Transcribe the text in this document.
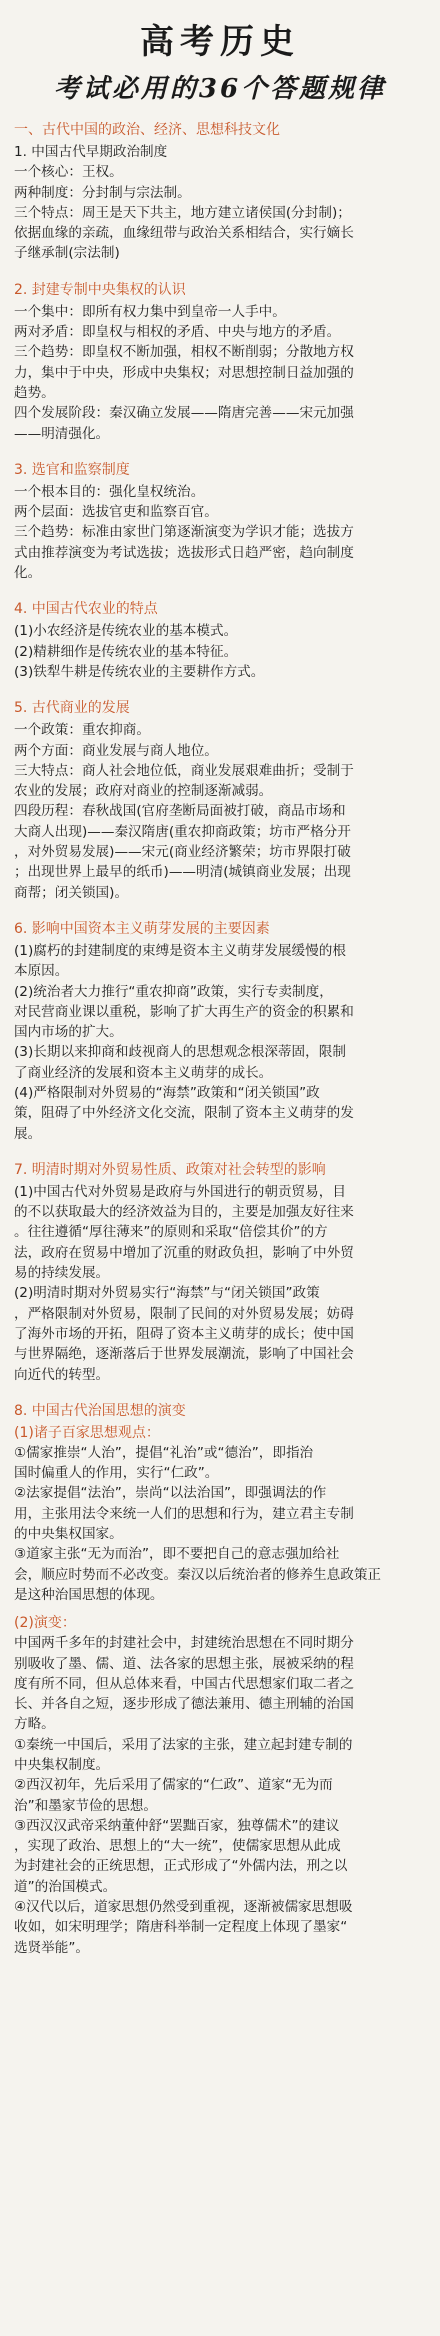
高考历史
考试必用的36个答题规律
一、古代中国的政治、经济、思想科技文化
1. 中国古代早期政治制度
一个核心：王权。
两种制度：分封制与宗法制。
三个特点：周王是天下共主，地方建立诸侯国(分封制)；
依据血缘的亲疏，血缘纽带与政治关系相结合，实行嫡长
子继承制(宗法制)
2. 封建专制中央集权的认识
一个集中：即所有权力集中到皇帝一人手中。
两对矛盾：即皇权与相权的矛盾、中央与地方的矛盾。
三个趋势：即皇权不断加强，相权不断削弱；分散地方权
力，集中于中央，形成中央集权；对思想控制日益加强的
趋势。
四个发展阶段：秦汉确立发展——隋唐完善——宋元加强
——明清强化。
3. 选官和监察制度
一个根本目的：强化皇权统治。
两个层面：选拔官吏和监察百官。
三个趋势：标准由家世门第逐渐演变为学识才能；选拔方
式由推荐演变为考试选拔；选拔形式日趋严密，趋向制度
化。
4. 中国古代农业的特点
(1)小农经济是传统农业的基本模式。
(2)精耕细作是传统农业的基本特征。
(3)铁犁牛耕是传统农业的主要耕作方式。
5. 古代商业的发展
一个政策：重农抑商。
两个方面：商业发展与商人地位。
三大特点：商人社会地位低，商业发展艰难曲折；受制于
农业的发展；政府对商业的控制逐渐减弱。
四段历程：春秋战国(官府垄断局面被打破，商品市场和
大商人出现)——秦汉隋唐(重农抑商政策；坊市严格分开
，对外贸易发展)——宋元(商业经济繁荣；坊市界限打破
；出现世界上最早的纸币)——明清(城镇商业发展；出现
商帮；闭关锁国)。
6. 影响中国资本主义萌芽发展的主要因素
(1)腐朽的封建制度的束缚是资本主义萌芽发展缓慢的根
本原因。
(2)统治者大力推行“重农抑商”政策，实行专卖制度，
对民营商业课以重税，影响了扩大再生产的资金的积累和
国内市场的扩大。
(3)长期以来抑商和歧视商人的思想观念根深蒂固，限制
了商业经济的发展和资本主义萌芽的成长。
(4)严格限制对外贸易的“海禁”政策和“闭关锁国”政
策，阻碍了中外经济文化交流，限制了资本主义萌芽的发
展。
7. 明清时期对外贸易性质、政策对社会转型的影响
(1)中国古代对外贸易是政府与外国进行的朝贡贸易，目
的不以获取最大的经济效益为目的，主要是加强友好往来
。往往遵循“厚往薄来”的原则和采取“倍偿其价”的方
法，政府在贸易中增加了沉重的财政负担，影响了中外贸
易的持续发展。
(2)明清时期对外贸易实行“海禁”与“闭关锁国”政策
，严格限制对外贸易，限制了民间的对外贸易发展；妨碍
了海外市场的开拓，阻碍了资本主义萌芽的成长；使中国
与世界隔绝，逐渐落后于世界发展潮流，影响了中国社会
向近代的转型。
8. 中国古代治国思想的演变
(1)诸子百家思想观点：
①儒家推崇“人治”，提倡“礼治”或“德治”，即指治
国时偏重人的作用，实行“仁政”。
②法家提倡“法治”，崇尚“以法治国”，即强调法的作
用，主张用法令来统一人们的思想和行为，建立君主专制
的中央集权国家。
③道家主张“无为而治”，即不要把自己的意志强加给社
会，顺应时势而不必改变。秦汉以后统治者的修养生息政策正
是这种治国思想的体现。
(2)演变：
中国两千多年的封建社会中，封建统治思想在不同时期分
别吸收了墨、儒、道、法各家的思想主张，展被采纳的程
度有所不同，但从总体来看，中国古代思想家们取二者之
长、并各自之短，逐步形成了德法兼用、德主刑辅的治国
方略。
①秦统一中国后，采用了法家的主张，建立起封建专制的
中央集权制度。
②西汉初年，先后采用了儒家的“仁政”、道家“无为而
治”和墨家节俭的思想。
③西汉汉武帝采纳董仲舒“罢黜百家，独尊儒术”的建议
，实现了政治、思想上的“大一统”，使儒家思想从此成
为封建社会的正统思想，正式形成了“外儒内法，刑之以
道”的治国模式。
④汉代以后，道家思想仍然受到重视，逐渐被儒家思想吸
收如，如宋明理学；隋唐科举制一定程度上体现了墨家“
选贤举能”。
